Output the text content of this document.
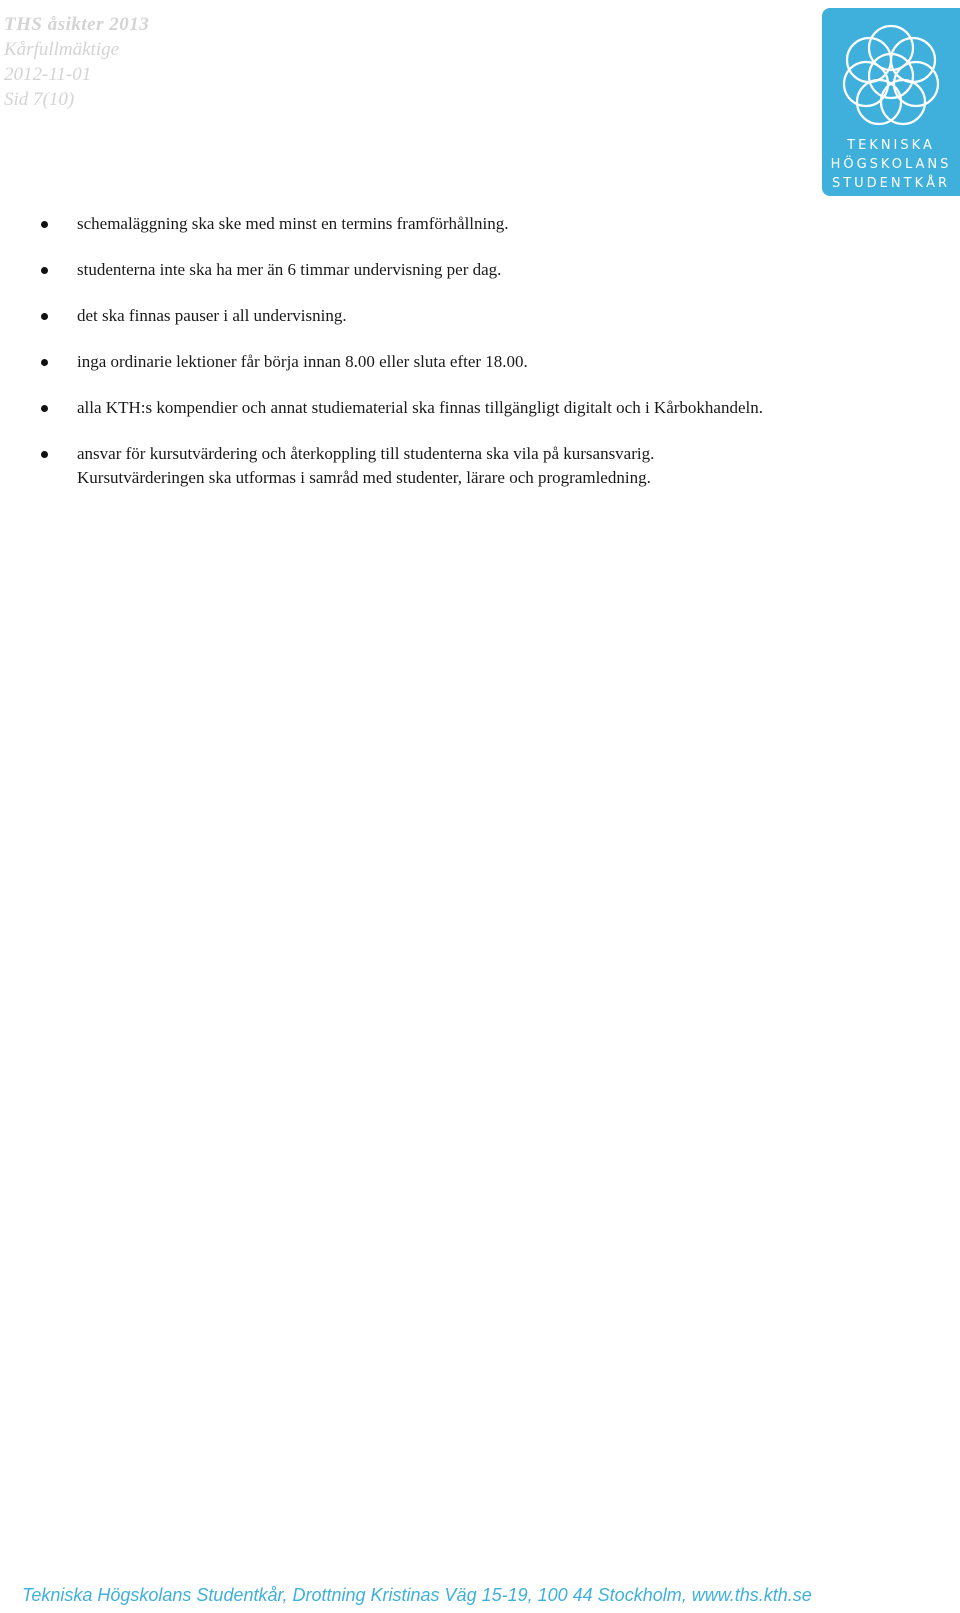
THS åsikter 2013
Kårfullmäktige
2012-11-01
Sid 7(10)
TEKNISKA
HÖGSKOLANS
STUDENTKÅR
schemaläggning ska ske med minst en termins framförhållning.
studenterna inte ska ha mer än 6 timmar undervisning per dag.
det ska finnas pauser i all undervisning.
inga ordinarie lektioner får börja innan 8.00 eller sluta efter 18.00.
alla KTH:s kompendier och annat studiematerial ska finnas tillgängligt digitalt och i Kårbokhandeln.
ansvar för kursutvärdering och återkoppling till studenterna ska vila på kursansvarig. Kursutvärderingen ska utformas i samråd med studenter, lärare och programledning.
Tekniska Högskolans Studentkår, Drottning Kristinas Väg 15-19, 100 44 Stockholm, www.ths.kth.se
